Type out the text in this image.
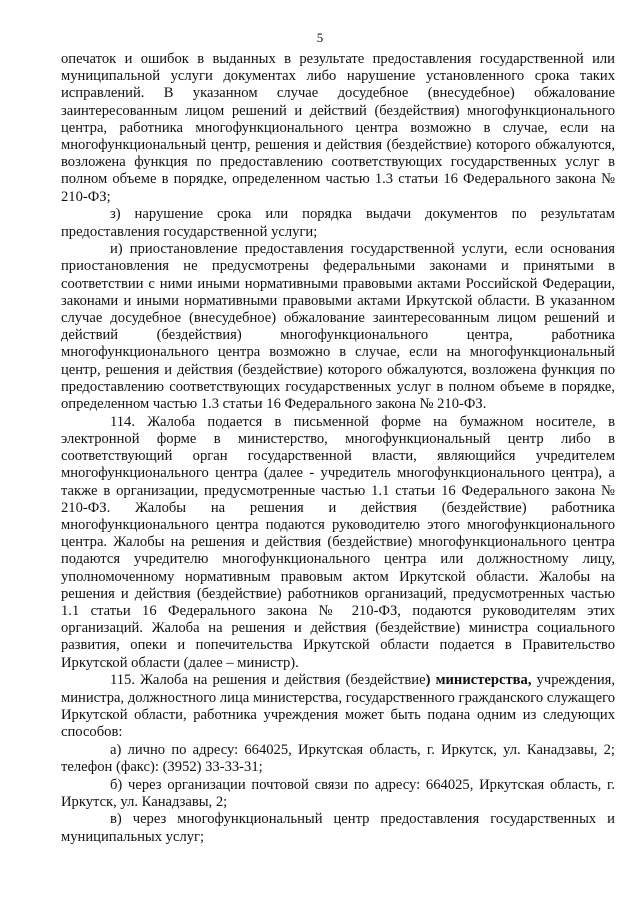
5

опечаток и ошибок в выданных в результате предоставления государственной или муниципальной услуги документах либо нарушение установленного срока таких исправлений. В указанном случае досудебное (внесудебное) обжалование заинтересованным лицом решений и действий (бездействия) многофункционального центра, работника многофункционального центра возможно в случае, если на многофункциональный центр, решения и действия (бездействие) которого обжалуются, возложена функция по предоставлению соответствующих государственных услуг в полном объеме в порядке, определенном частью 1.3 статьи 16 Федерального закона № 210-ФЗ;

з) нарушение срока или порядка выдачи документов по результатам предоставления государственной услуги;

и) приостановление предоставления государственной услуги, если основания приостановления не предусмотрены федеральными законами и принятыми в соответствии с ними иными нормативными правовыми актами Российской Федерации, законами и иными нормативными правовыми актами Иркутской области. В указанном случае досудебное (внесудебное) обжалование заинтересованным лицом решений и действий (бездействия) многофункционального центра, работника многофункционального центра возможно в случае, если на многофункциональный центр, решения и действия (бездействие) которого обжалуются, возложена функция по предоставлению соответствующих государственных услуг в полном объеме в порядке, определенном частью 1.3 статьи 16 Федерального закона № 210-ФЗ.

114. Жалоба подается в письменной форме на бумажном носителе, в электронной форме в министерство, многофункциональный центр либо в соответствующий орган государственной власти, являющийся учредителем многофункционального центра (далее - учредитель многофункционального центра), а также в организации, предусмотренные частью 1.1 статьи 16 Федерального закона № 210-ФЗ. Жалобы на решения и действия (бездействие) работника многофункционального центра подаются руководителю этого многофункционального центра. Жалобы на решения и действия (бездействие) многофункционального центра подаются учредителю многофункционального центра или должностному лицу, уполномоченному нормативным правовым актом Иркутской области. Жалобы на решения и действия (бездействие) работников организаций, предусмотренных частью 1.1 статьи 16 Федерального закона № 210-ФЗ, подаются руководителям этих организаций. Жалоба на решения и действия (бездействие) министра социального развития, опеки и попечительства Иркутской области подается в Правительство Иркутской области (далее – министр).

115. Жалоба на решения и действия (бездействие) министерства, учреждения, министра, должностного лица министерства, государственного гражданского служащего Иркутской области, работника учреждения может быть подана одним из следующих способов:

а) лично по адресу: 664025, Иркутская область, г. Иркутск, ул. Канадзавы, 2; телефон (факс): (3952) 33-33-31;

б) через организации почтовой связи по адресу: 664025, Иркутская область, г. Иркутск, ул. Канадзавы, 2;

в) через многофункциональный центр предоставления государственных и муниципальных услуг;
